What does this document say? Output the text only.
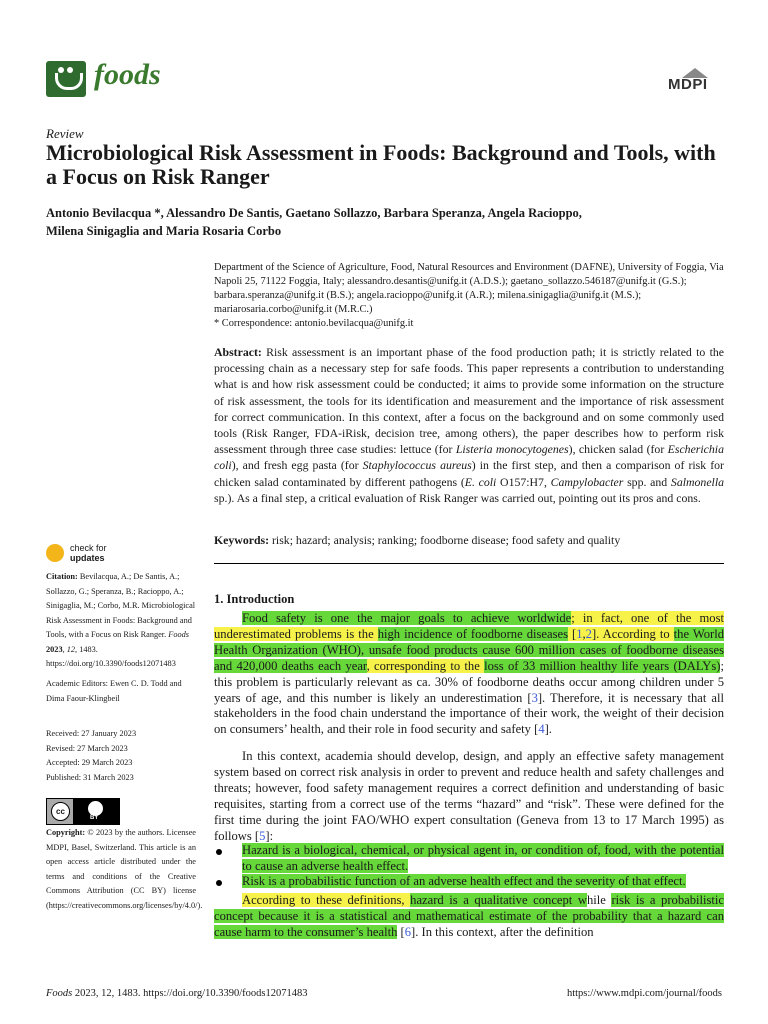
foods	MDPI
Review
Microbiological Risk Assessment in Foods: Background and Tools, with a Focus on Risk Ranger
Antonio Bevilacqua *, Alessandro De Santis, Gaetano Sollazzo, Barbara Speranza, Angela Racioppo,
Milena Sinigaglia and Maria Rosaria Corbo
Department of the Science of Agriculture, Food, Natural Resources and Environment (DAFNE), University of Foggia, Via Napoli 25, 71122 Foggia, Italy; alessandro.desantis@unifg.it (A.D.S.); gaetano_sollazzo.546187@unifg.it (G.S.); barbara.speranza@unifg.it (B.S.); angela.racioppo@unifg.it (A.R.); milena.sinigaglia@unifg.it (M.S.); mariarosaria.corbo@unifg.it (M.R.C.)
* Correspondence: antonio.bevilacqua@unifg.it
Abstract: Risk assessment is an important phase of the food production path; it is strictly related to the processing chain as a necessary step for safe foods. This paper represents a contribution to understanding what is and how risk assessment could be conducted; it aims to provide some information on the structure of risk assessment, the tools for its identification and measurement and the importance of risk assessment for correct communication. In this context, after a focus on the background and on some commonly used tools (Risk Ranger, FDA-iRisk, decision tree, among others), the paper describes how to perform risk assessment through three case studies: lettuce (for Listeria monocytogenes), chicken salad (for Escherichia coli), and fresh egg pasta (for Staphylococcus aureus) in the first step, and then a comparison of risk for chicken salad contaminated by different pathogens (E. coli O157:H7, Campylobacter spp. and Salmonella sp.). As a final step, a critical evaluation of Risk Ranger was carried out, pointing out its pros and cons.
Keywords: risk; hazard; analysis; ranking; foodborne disease; food safety and quality
check for
updates
Citation: Bevilacqua, A.; De Santis, A.; Sollazzo, G.; Speranza, B.; Racioppo, A.; Sinigaglia, M.; Corbo, M.R. Microbiological Risk Assessment in Foods: Background and Tools, with a Focus on Risk Ranger. Foods 2023, 12, 1483. https://doi.org/10.3390/foods12071483
Academic Editors: Ewen C. D. Todd and Dima Faour-Klingbeil
Received: 27 January 2023
Revised: 27 March 2023
Accepted: 29 March 2023
Published: 31 March 2023
cc
BY
Copyright: © 2023 by the authors. Licensee MDPI, Basel, Switzerland. This article is an open access article distributed under the terms and conditions of the Creative Commons Attribution (CC BY) license (https://creativecommons.org/licenses/by/4.0/).
1. Introduction
Food safety is one the major goals to achieve worldwide; in fact, one of the most underestimated problems is the high incidence of foodborne diseases [1,2]. According to the World Health Organization (WHO), unsafe food products cause 600 million cases of foodborne diseases and 420,000 deaths each year, corresponding to the loss of 33 million healthy life years (DALYs); this problem is particularly relevant as ca. 30% of foodborne deaths occur among children under 5 years of age, and this number is likely an underestimation [3]. Therefore, it is necessary that all stakeholders in the food chain understand the importance of their work, the weight of their decision on consumers’ health, and their role in food security and safety [4].
In this context, academia should develop, design, and apply an effective safety management system based on correct risk analysis in order to prevent and reduce health and safety challenges and threats; however, food safety management requires a correct definition and understanding of basic requisites, starting from a correct use of the terms “hazard” and “risk”. These were defined for the first time during the joint FAO/WHO expert consultation (Geneva from 13 to 17 March 1995) as follows [5]:
Hazard is a biological, chemical, or physical agent in, or condition of, food, with the potential to cause an adverse health effect.
Risk is a probabilistic function of an adverse health effect and the severity of that effect.
According to these definitions, hazard is a qualitative concept while risk is a probabilistic concept because it is a statistical and mathematical estimate of the probability that a hazard can cause harm to the consumer’s health [6]. In this context, after the definition
Foods 2023, 12, 1483. https://doi.org/10.3390/foods12071483	https://www.mdpi.com/journal/foods
